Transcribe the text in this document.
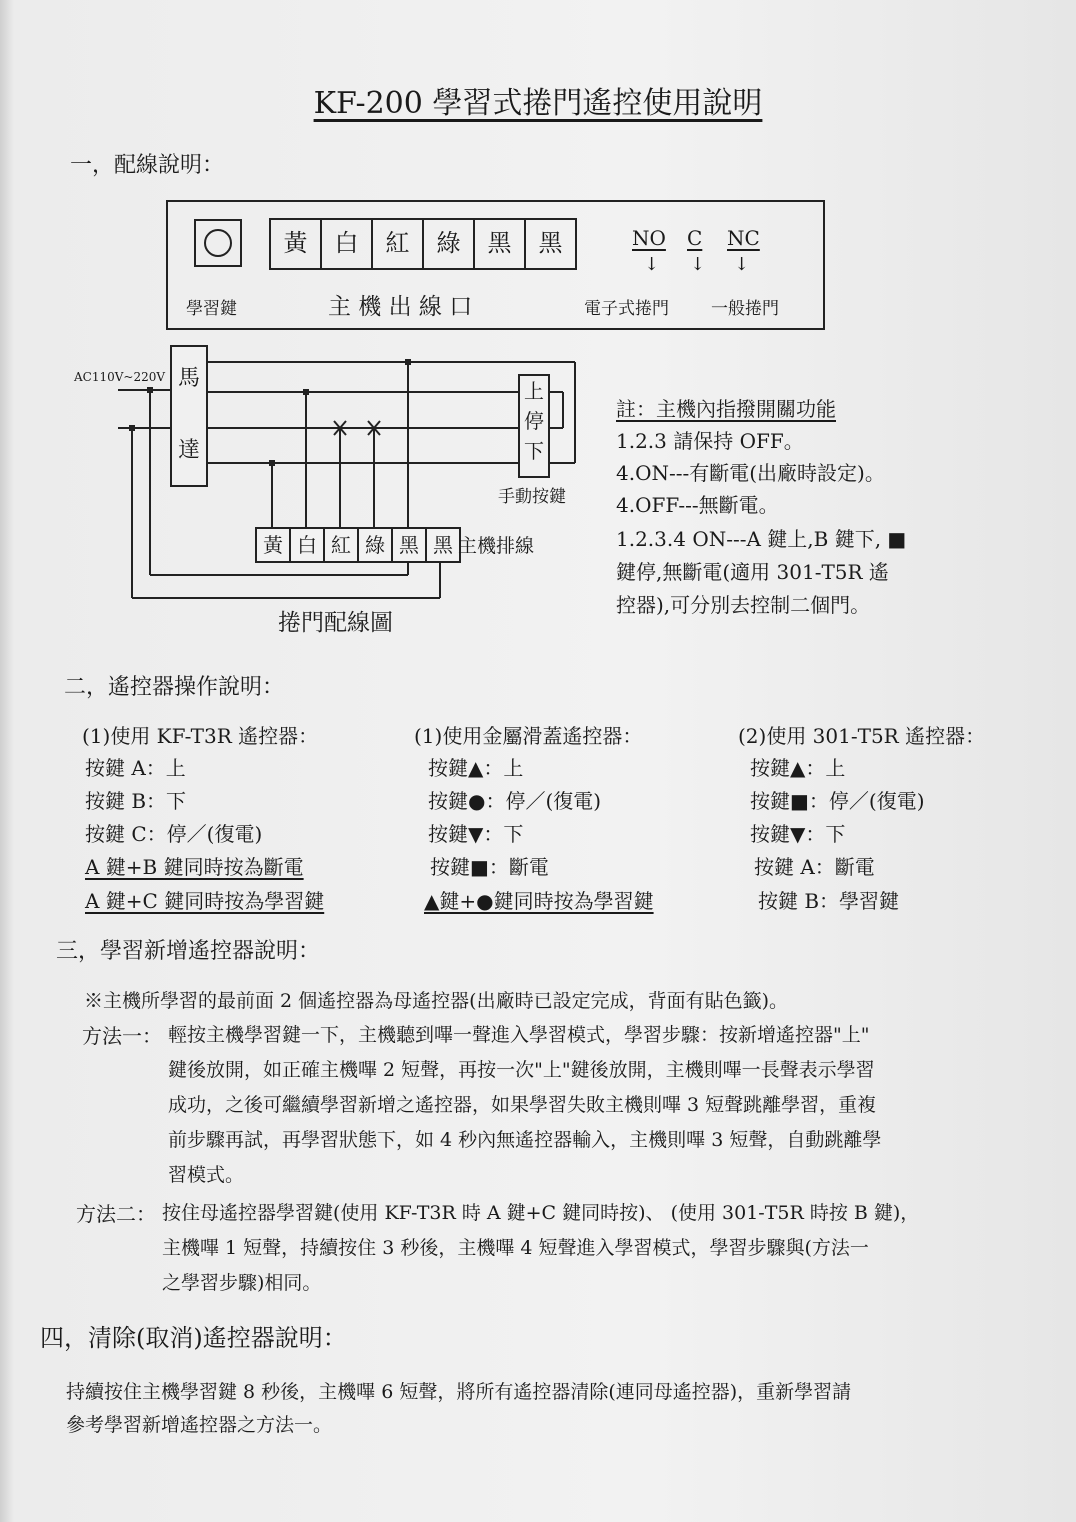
KF-200 學習式捲門遙控使用說明
一，配線說明：
黃	白	紅	綠	黑	黑	NO C NC
↓ ↓ ↓
學習鍵	主 機 出 線 口	電子式捲門 一般捲門
AC110V~220V 馬
達
上
停
下
手動按鍵
黃 白 紅 綠 黑 黑 主機排線
捲門配線圖
註：主機內指撥開關功能
1.2.3 請保持 OFF。
4.ON---有斷電(出廠時設定)。
4.OFF---無斷電。
1.2.3.4 ON---A 鍵上,B 鍵下, ■
鍵停,無斷電(適用 301-T5R 遙
控器),可分別去控制二個門。
二，遙控器操作說明：
(1)使用 KF-T3R 遙控器：
按鍵 A：上
按鍵 B：下
按鍵 C：停／(復電)
A 鍵+B 鍵同時按為斷電
A 鍵+C 鍵同時按為學習鍵
(1)使用金屬滑蓋遙控器：
按鍵▲：上
按鍵●：停／(復電)
按鍵▼：下
按鍵■：斷電
▲鍵+●鍵同時按為學習鍵
(2)使用 301-T5R 遙控器：
按鍵▲：上
按鍵■：停／(復電)
按鍵▼：下
按鍵 A：斷電
按鍵 B：學習鍵
三，學習新增遙控器說明：
※主機所學習的最前面 2 個遙控器為母遙控器(出廠時已設定完成，背面有貼色籤)。
方法一： 輕按主機學習鍵一下，主機聽到嗶一聲進入學習模式，學習步驟：按新增遙控器"上"
鍵後放開，如正確主機嗶 2 短聲，再按一次"上"鍵後放開，主機則嗶一長聲表示學習
成功，之後可繼續學習新增之遙控器，如果學習失敗主機則嗶 3 短聲跳離學習，重複
前步驟再試，再學習狀態下，如 4 秒內無遙控器輸入，主機則嗶 3 短聲，自動跳離學
習模式。
方法二： 按住母遙控器學習鍵(使用 KF-T3R 時 A 鍵+C 鍵同時按)、 (使用 301-T5R 時按 B 鍵)，
主機嗶 1 短聲，持續按住 3 秒後，主機嗶 4 短聲進入學習模式，學習步驟與(方法一
之學習步驟)相同。
四，清除(取消)遙控器說明：
持續按住主機學習鍵 8 秒後，主機嗶 6 短聲，將所有遙控器清除(連同母遙控器)，重新學習請
參考學習新增遙控器之方法一。
